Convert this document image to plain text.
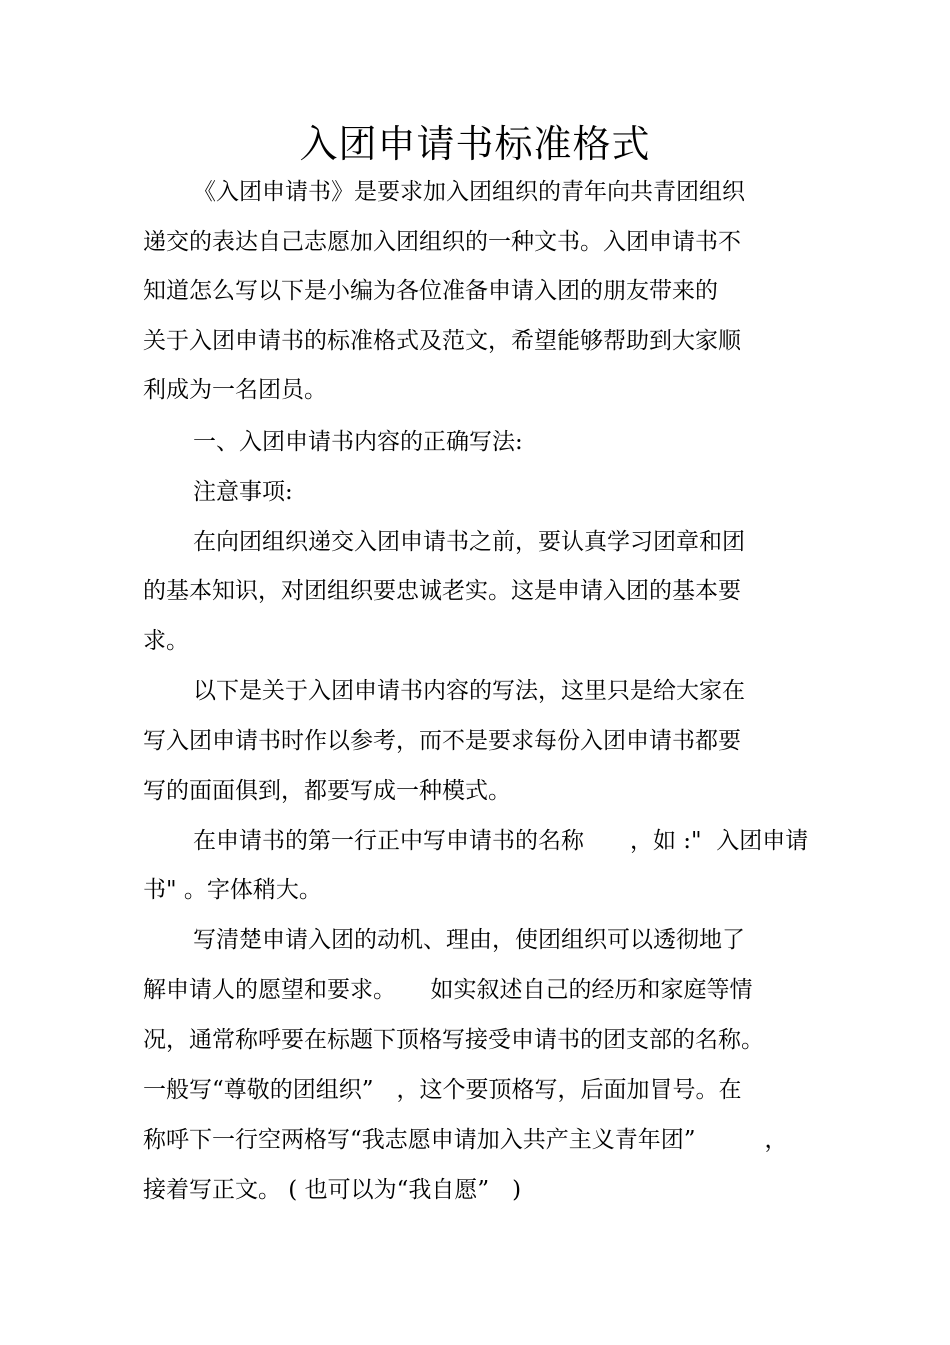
入团申请书标准格式
《入团申请书》是要求加入团组织的青年向共青团组织
递交的表达自己志愿加入团组织的一种文书。入团申请书不
知道怎么写以下是小编为各位准备申请入团的朋友带来的
关于入团申请书的标准格式及范文，希望能够帮助到大家顺
利成为一名团员。
一、入团申请书内容的正确写法:
注意事项:
在向团组织递交入团申请书之前，要认真学习团章和团
的基本知识，对团组织要忠诚老实。这是申请入团的基本要
求。
以下是关于入团申请书内容的写法，这里只是给大家在
写入团申请书时作以参考，而不是要求每份入团申请书都要
写的面面俱到，都要写成一种模式。
在申请书的第一行正中写申请书的名称　　，如 :"  入团申请
书" 。字体稍大。
写清楚申请入团的动机、理由，使团组织可以透彻地了
解申请人的愿望和要求。　　如实叙述自己的经历和家庭等情
况，通常称呼要在标题下顶格写接受申请书的团支部的名称。
一般写“尊敬的团组织”　，这个要顶格写，后面加冒号。在
称呼下一行空两格写“我志愿申请加入共产主义青年团”　　　，
接着写正文。 ( 也可以为“我自愿”　)
